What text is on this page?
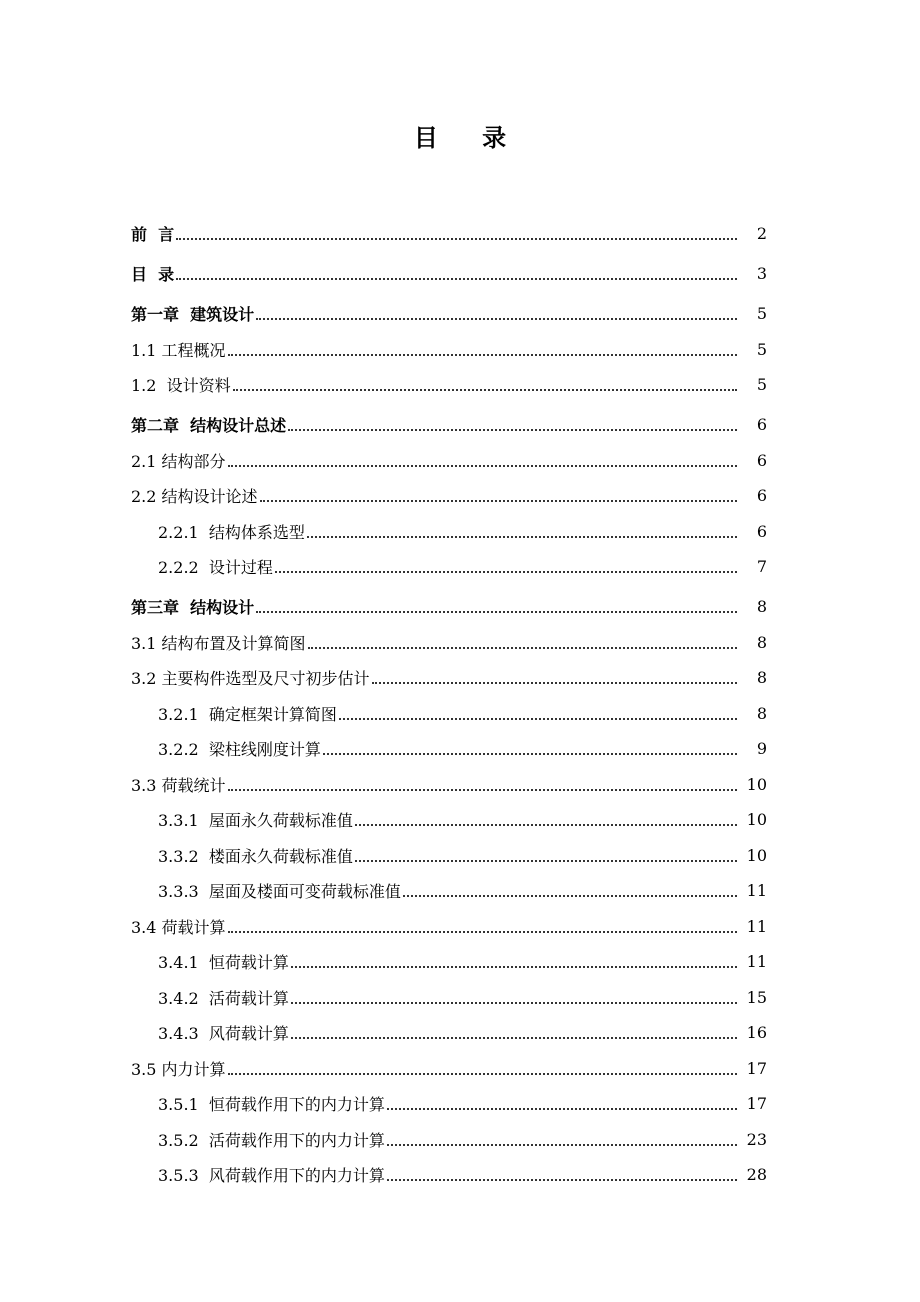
目 录
前  言	2
目  录	3
第一章  建筑设计	5
1.1 工程概况	5
1.2  设计资料	5
第二章  结构设计总述	6
2.1 结构部分	6
2.2 结构设计论述	6
2.2.1  结构体系选型	6
2.2.2  设计过程	7
第三章  结构设计	8
3.1 结构布置及计算简图	8
3.2 主要构件选型及尺寸初步估计	8
3.2.1  确定框架计算简图	8
3.2.2  梁柱线刚度计算	9
3.3 荷载统计	10
3.3.1  屋面永久荷载标准值	10
3.3.2  楼面永久荷载标准值	10
3.3.3  屋面及楼面可变荷载标准值	11
3.4 荷载计算	11
3.4.1  恒荷载计算	11
3.4.2  活荷载计算	15
3.4.3  风荷载计算	16
3.5 内力计算	17
3.5.1  恒荷载作用下的内力计算	17
3.5.2  活荷载作用下的内力计算	23
3.5.3  风荷载作用下的内力计算	28
